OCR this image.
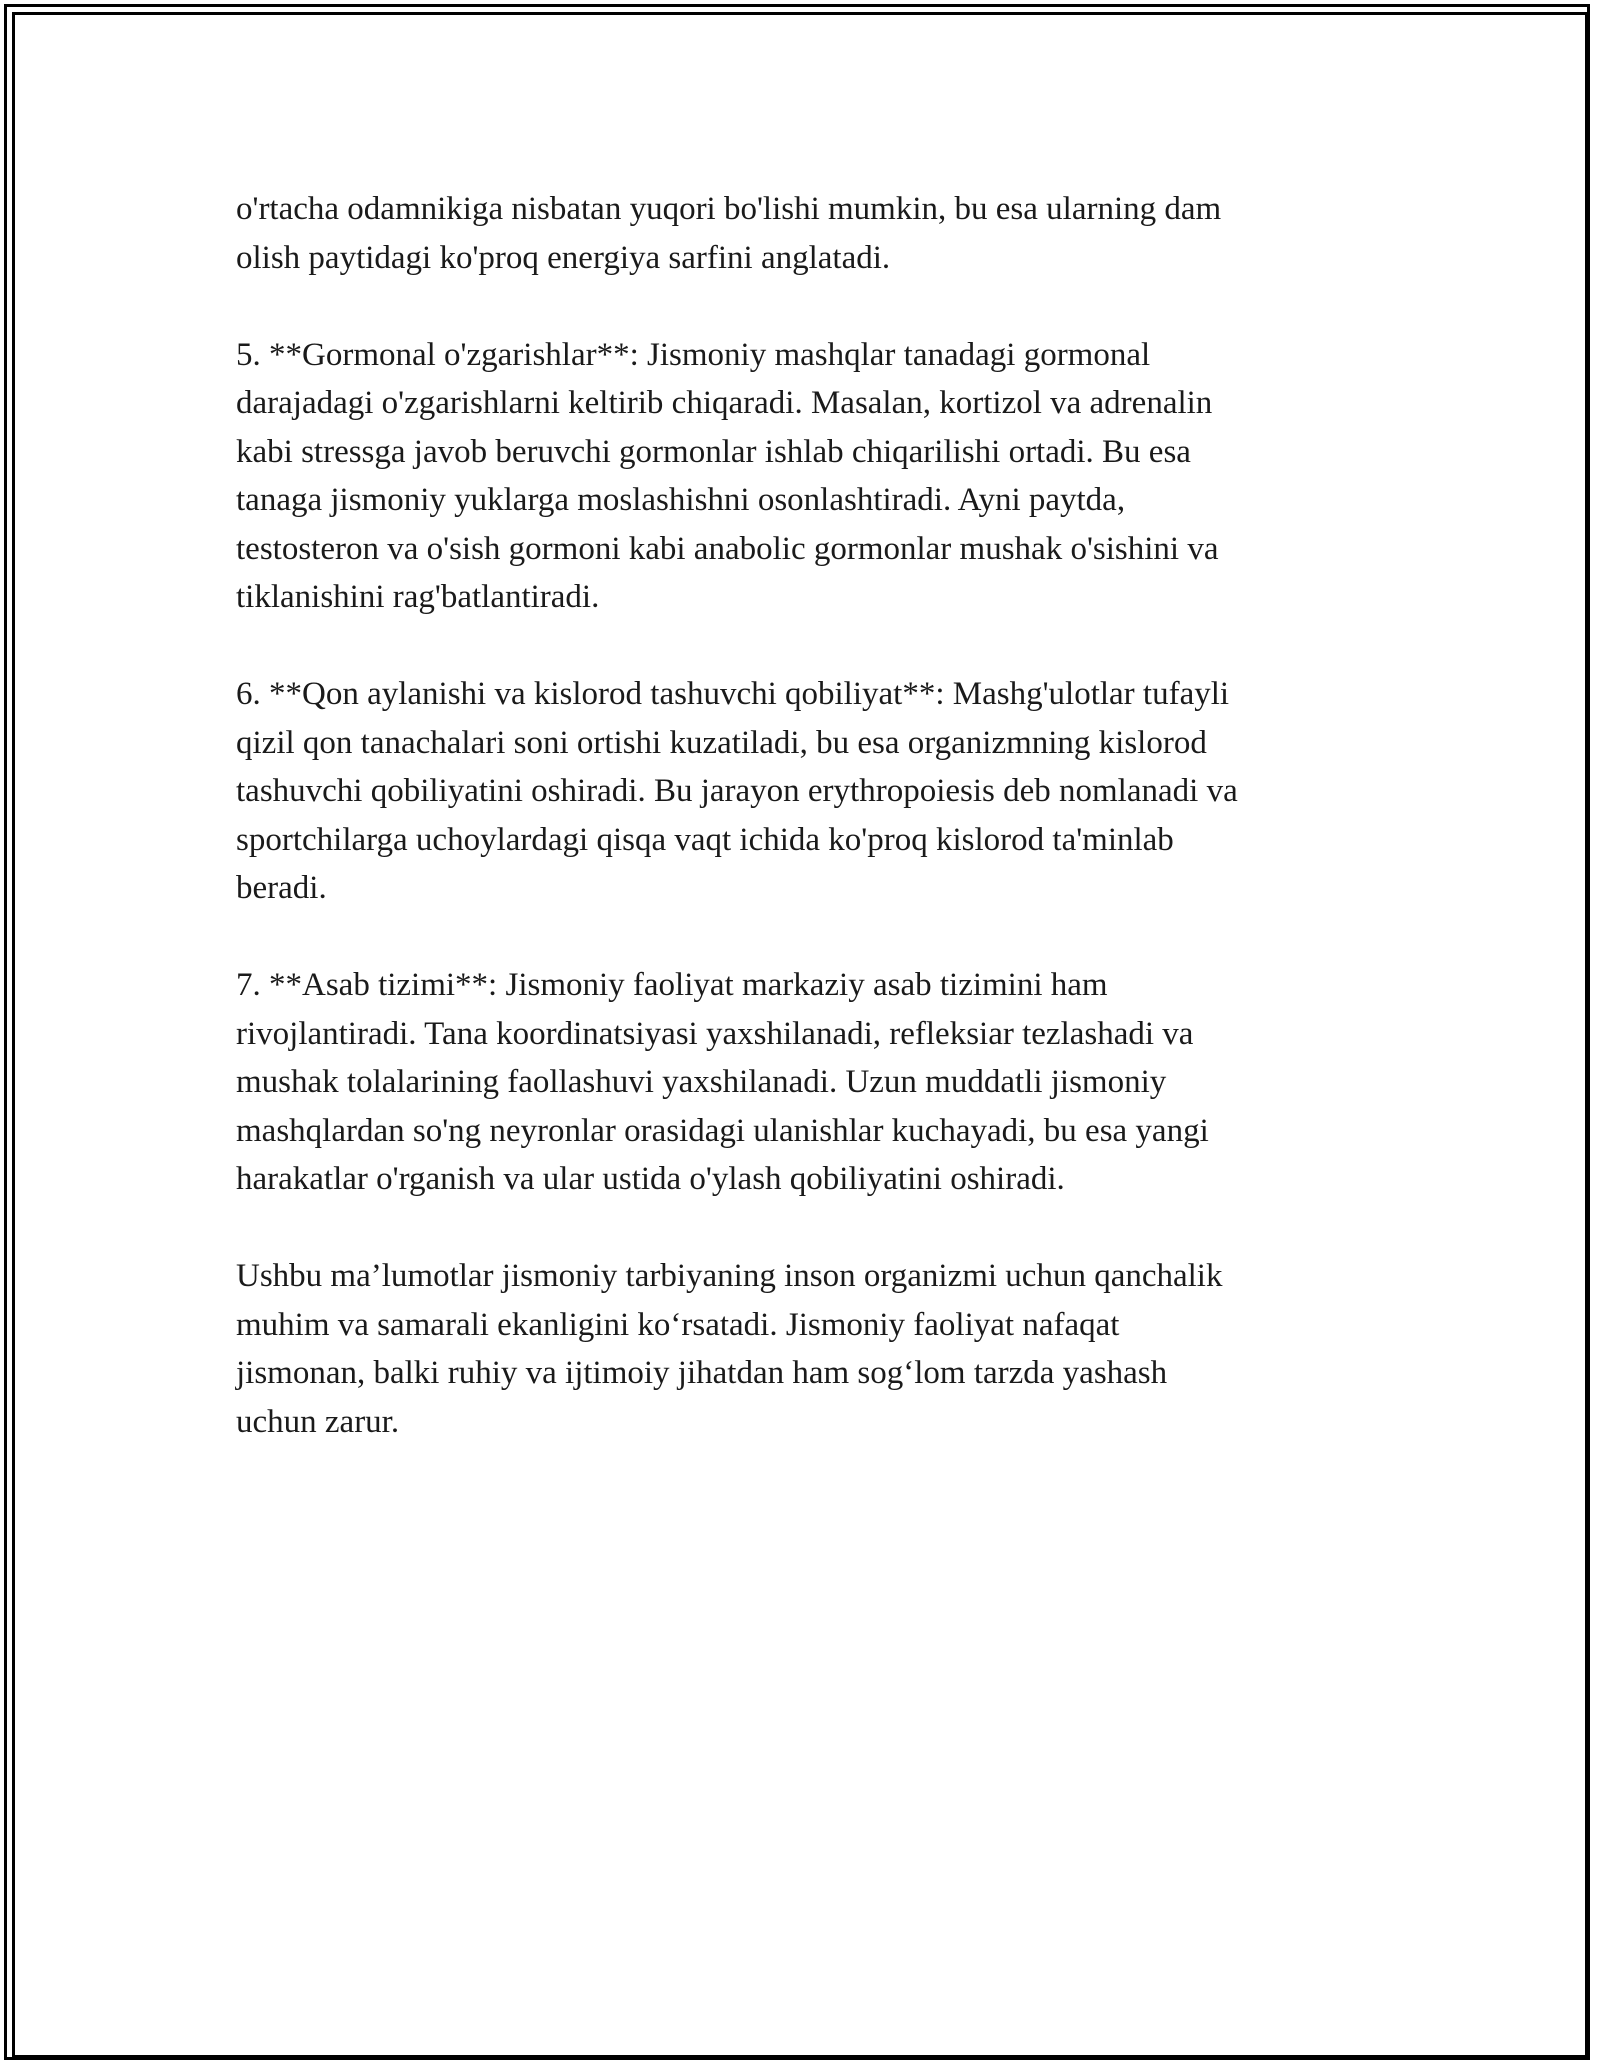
o'rtacha odamnikiga nisbatan yuqori bo'lishi mumkin, bu esa ularning dam
olish paytidagi ko'proq energiya sarfini anglatadi.

5. **Gormonal o'zgarishlar**: Jismoniy mashqlar tanadagi gormonal
darajadagi o'zgarishlarni keltirib chiqaradi. Masalan, kortizol va adrenalin
kabi stressga javob beruvchi gormonlar ishlab chiqarilishi ortadi. Bu esa
tanaga jismoniy yuklarga moslashishni osonlashtiradi. Ayni paytda,
testosteron va o'sish gormoni kabi anabolic gormonlar mushak o'sishini va
tiklanishini rag'batlantiradi.

6. **Qon aylanishi va kislorod tashuvchi qobiliyat**: Mashg'ulotlar tufayli
qizil qon tanachalari soni ortishi kuzatiladi, bu esa organizmning kislorod
tashuvchi qobiliyatini oshiradi. Bu jarayon erythropoiesis deb nomlanadi va
sportchilarga uchoylardagi qisqa vaqt ichida ko'proq kislorod ta'minlab
beradi.

7. **Asab tizimi**: Jismoniy faoliyat markaziy asab tizimini ham
rivojlantiradi. Tana koordinatsiyasi yaxshilanadi, refleksiar tezlashadi va
mushak tolalarining faollashuvi yaxshilanadi. Uzun muddatli jismoniy
mashqlardan so'ng neyronlar orasidagi ulanishlar kuchayadi, bu esa yangi
harakatlar o'rganish va ular ustida o'ylash qobiliyatini oshiradi.

Ushbu ma’lumotlar jismoniy tarbiyaning inson organizmi uchun qanchalik
muhim va samarali ekanligini ko‘rsatadi. Jismoniy faoliyat nafaqat
jismonan, balki ruhiy va ijtimoiy jihatdan ham sog‘lom tarzda yashash
uchun zarur.
